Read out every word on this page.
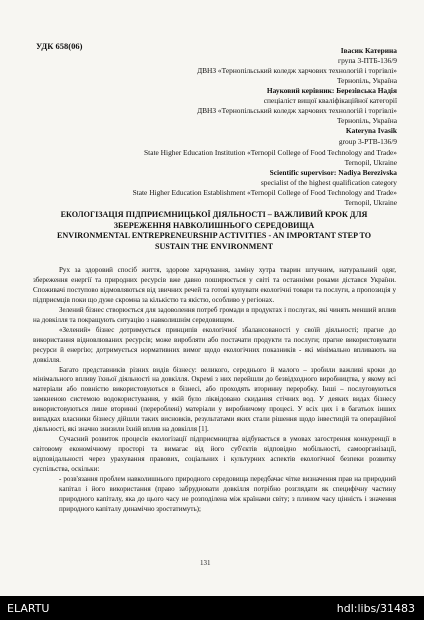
УДК 658(06)	Івасик Катерина
група 3-ПТБ-136/9
ДВНЗ «Тернопільський коледж харчових технологій і торгівлі»
Тернопіль, Україна
Науковий керівник: Березівська Надія
спеціаліст вищої кваліфікаційної категорії
ДВНЗ «Тернопільський коледж харчових технологій і торгівлі»
Тернопіль, Україна
Kateryna Ivasik
group 3-PTB-136/9
State Higher Education Institution «Ternopil College of Food Technology and Trade»
Ternopil, Ukraine
Scientific supervisor: Nadiya Berezivska
specialist of the highest qualification category
State Higher Education Establishment «Ternopil College of Food Technology and Trade»
Ternopil, Ukraine
ЕКОЛОГІЗАЦІЯ ПІДПРИЄМНИЦЬКОЇ ДІЯЛЬНОСТІ – ВАЖЛИВИЙ КРОК ДЛЯ
ЗБЕРЕЖЕННЯ НАВКОЛИШНЬОГО СЕРЕДОВИЩА
ENVIRONMENTAL ENTREPRENEURSHIP ACTIVITIES - AN IMPORTANT STEP TO
SUSTAIN THE ENVIRONMENT

Рух за здоровий спосіб життя, здорове харчування, заміну хутра тварин штучним, натуральний одяг, збереження енергії та природних ресурсів вже давно поширюється у світі та останніми роками дістався України. Споживачі поступово відмовляються від звичних речей та готові купувати екологічні товари та послуги, а пропозиція у підприємців поки що дуже скромна за кількістю та якістю, особливо у регіонах.

Зелений бізнес створюється для задоволення потреб громади в продуктах і послугах, які чинять менший вплив на довкілля та покращують ситуацію з навколишнім середовищем.

«Зелений» бізнес дотримується принципів екологічної збалансованості у своїй діяльності; прагне до використання відновлюваних ресурсів; може виробляти або постачати продукти та послуги; прагне використовувати ресурси й енергію; дотримується нормативних вимог щодо екологічних показників - які мінімально впливають на довкілля.

Багато представників різних видів бізнесу: великого, середнього й малого – зробили важливі кроки до мінімального впливу їхньої діяльності на довкілля. Окремі з них перейшли до безвідходного виробництва, у якому всі матеріали або повністю використовуються в бізнесі, або проходять вторинну переробку. Інші – послуговуються замкненою системою водокористування, у якій було ліквідовано скидання стічних вод. У деяких видах бізнесу використовуються лише вторинні (перероблені) матеріали у виробничому процесі. У всіх цих і в багатьох інших випадках власники бізнесу дійшли таких висновків, результатами яких стали рішення щодо інвестицій та операційної діяльності, які значно знизили їхній вплив на довкілля [1].

Сучасний розвиток процесів екологізації підприємництва відбувається в умовах загострення конкуренції в світовому економічному просторі та вимагає від його суб'єктів відповідно мобільності, самоорганізації, відповідальності через урахування правових, соціальних і культурних аспектів екологічної безпеки розвитку суспільства, оскільки:

- розв'язання проблем навколишнього природного середовища передбачає чітке визначення прав на природний капітал і його використання (право забрудновати довкілля потрібно розглядати як специфічну частину природного капіталу, яка до цього часу не розподілена між країнами світу; з плином часу цінність і значення природного капіталу динамічно зростатимуть);

131
ELARTU	hdl:libs/31483
